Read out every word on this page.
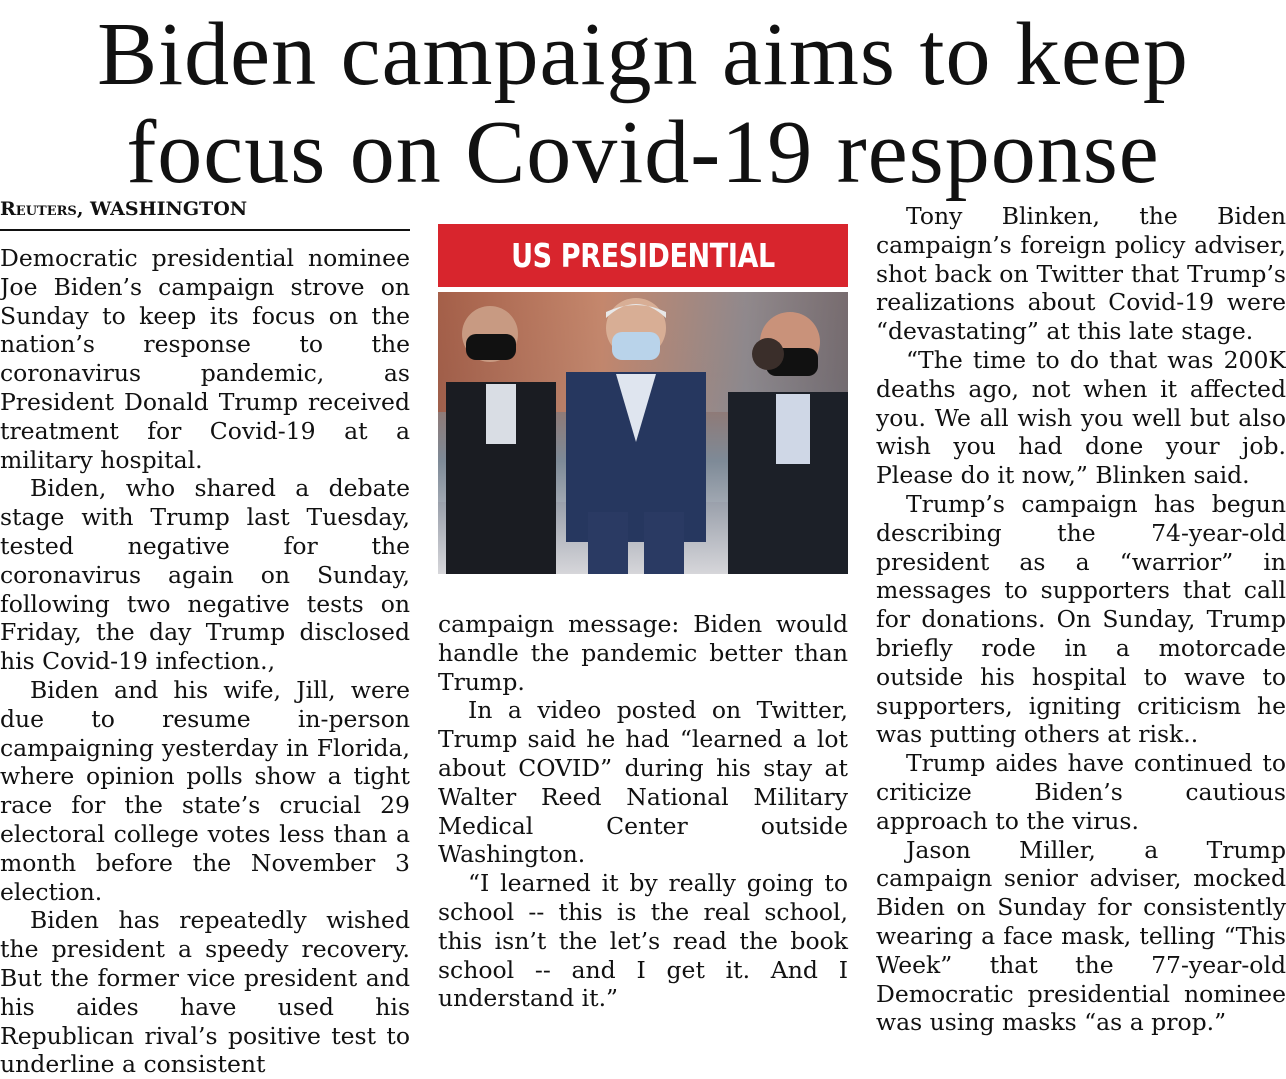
Biden campaign aims to keep
focus on Covid-19 response
Reuters, WASHINGTON

Democratic presidential nominee Joe Biden’s campaign strove on Sunday to keep its focus on the nation’s response to the coronavirus pandemic, as President Donald Trump received treatment for Covid-19 at a military hospital.

Biden, who shared a debate stage with Trump last Tuesday, tested negative for the coronavirus again on Sunday, following two negative tests on Friday, the day Trump disclosed his Covid-19 infection.,

Biden and his wife, Jill, were due to resume in-person campaigning yesterday in Florida, where opinion polls show a tight race for the state’s crucial 29 electoral college votes less than a month before the November 3 election.

Biden has repeatedly wished the president a speedy recovery. But the former vice president and his aides have used his Republican rival’s positive test to underline a consistent

US PRESIDENTIAL

campaign message: Biden would handle the pandemic better than Trump.

In a video posted on Twitter, Trump said he had “learned a lot about COVID” during his stay at Walter Reed National Military Medical Center outside Washington.

“I learned it by really going to school -- this is the real school, this isn’t the let’s read the book school -- and I get it. And I understand it.”

Tony Blinken, the Biden campaign’s foreign policy adviser, shot back on Twitter that Trump’s realizations about Covid-19 were “devastating” at this late stage.

“The time to do that was 200K deaths ago, not when it affected you. We all wish you well but also wish you had done your job. Please do it now,” Blinken said.

Trump’s campaign has begun describing the 74-year-old president as a “warrior” in messages to supporters that call for donations. On Sunday, Trump briefly rode in a motorcade outside his hospital to wave to supporters, igniting criticism he was putting others at risk..

Trump aides have continued to criticize Biden’s cautious approach to the virus.

Jason Miller, a Trump campaign senior adviser, mocked Biden on Sunday for consistently wearing a face mask, telling “This Week” that the 77-year-old Democratic presidential nominee was using masks “as a prop.”
